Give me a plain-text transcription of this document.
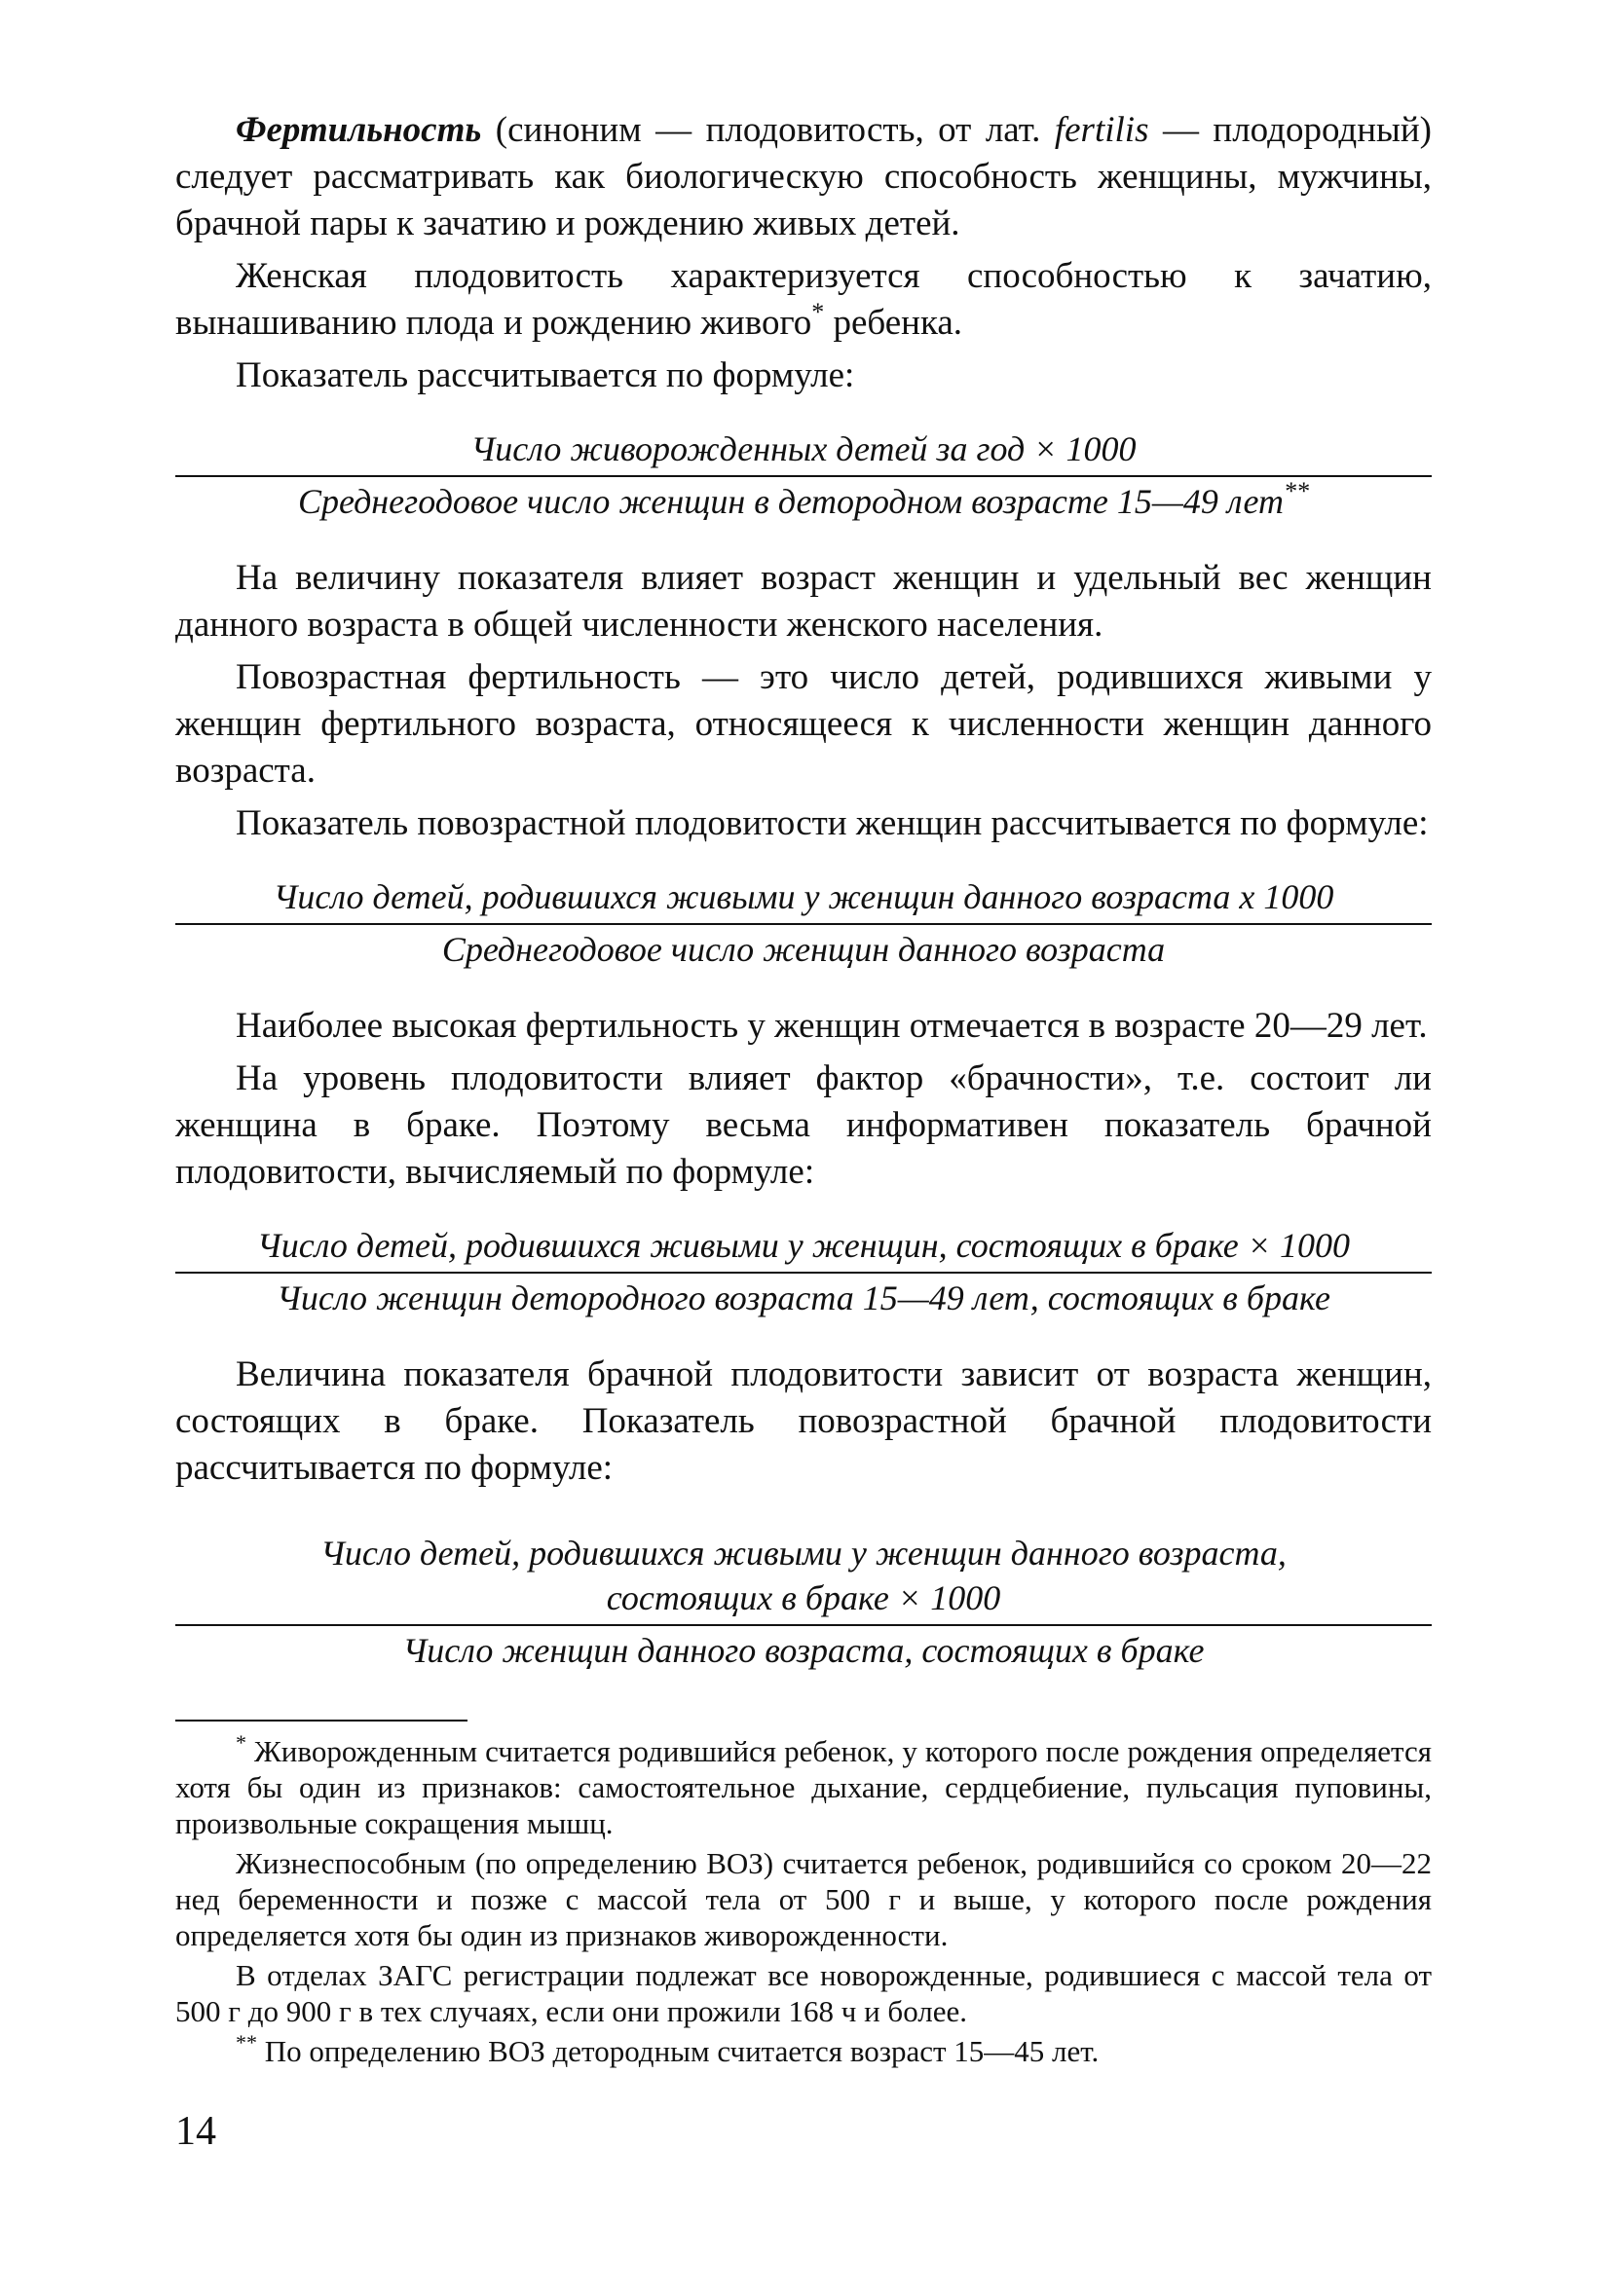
Фертильность (синоним — плодовитость, от лат. fertilis — плодородный) следует рассматривать как биологическую способность женщины, мужчины, брачной пары к зачатию и рождению живых детей.

Женская плодовитость характеризуется способностью к зачатию, вынашиванию плода и рождению живого* ребенка.

Показатель рассчитывается по формуле:

Число живорожденных детей за год × 1000
Среднегодовое число женщин в детородном возрасте 15—49 лет**

На величину показателя влияет возраст женщин и удельный вес женщин данного возраста в общей численности женского населения.

Повозрастная фертильность — это число детей, родившихся живыми у женщин фертильного возраста, относящееся к численности женщин данного возраста.

Показатель повозрастной плодовитости женщин рассчитывается по формуле:

Число детей, родившихся живыми у женщин данного возраста х 1000
Среднегодовое число женщин данного возраста

Наиболее высокая фертильность у женщин отмечается в возрасте 20—29 лет.

На уровень плодовитости влияет фактор «брачности», т.е. состоит ли женщина в браке. Поэтому весьма информативен показатель брачной плодовитости, вычисляемый по формуле:

Число детей, родившихся живыми у женщин, состоящих в браке × 1000
Число женщин детородного возраста 15—49 лет, состоящих в браке

Величина показателя брачной плодовитости зависит от возраста женщин, состоящих в браке. Показатель повозрастной брачной плодовитости рассчитывается по формуле:

Число детей, родившихся живыми у женщин данного возраста,
состоящих в браке × 1000
Число женщин данного возраста, состоящих в браке

* Живорожденным считается родившийся ребенок, у которого после рождения определяется хотя бы один из признаков: самостоятельное дыхание, сердцебиение, пульсация пуповины, произвольные сокращения мышц.

Жизнеспособным (по определению ВОЗ) считается ребенок, родившийся со сроком 20—22 нед беременности и позже с массой тела от 500 г и выше, у которого после рождения определяется хотя бы один из признаков живорожденности.

В отделах ЗАГС регистрации подлежат все новорожденные, родившиеся с массой тела от 500 г до 900 г в тех случаях, если они прожили 168 ч и более.

** По определению ВОЗ детородным считается возраст 15—45 лет.

14
